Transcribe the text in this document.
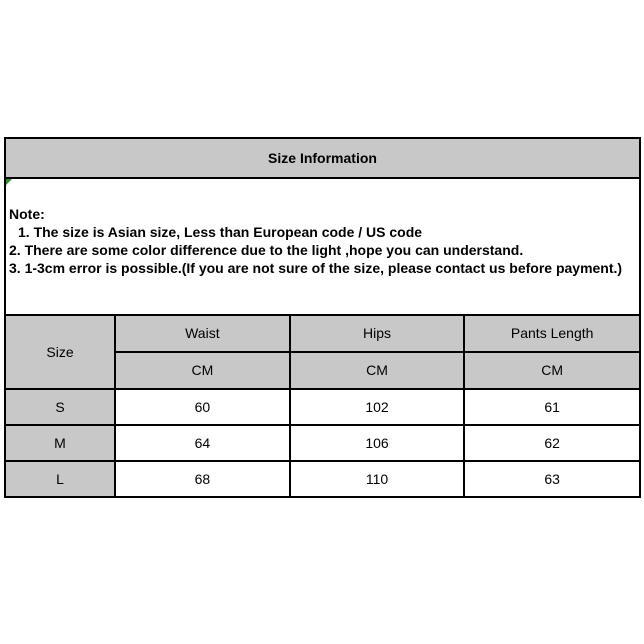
Size Information

Note:

1. The size is Asian size, Less than European code / US code

2. There are some color difference due to the light ,hope you can understand.

3. 1-3cm error is possible.(If you are not sure of the size, please contact us before payment.)

Size	Waist	Hips	Pants Length
	CM	CM	CM
S	60	102	61
M	64	106	62
L	68	110	63
